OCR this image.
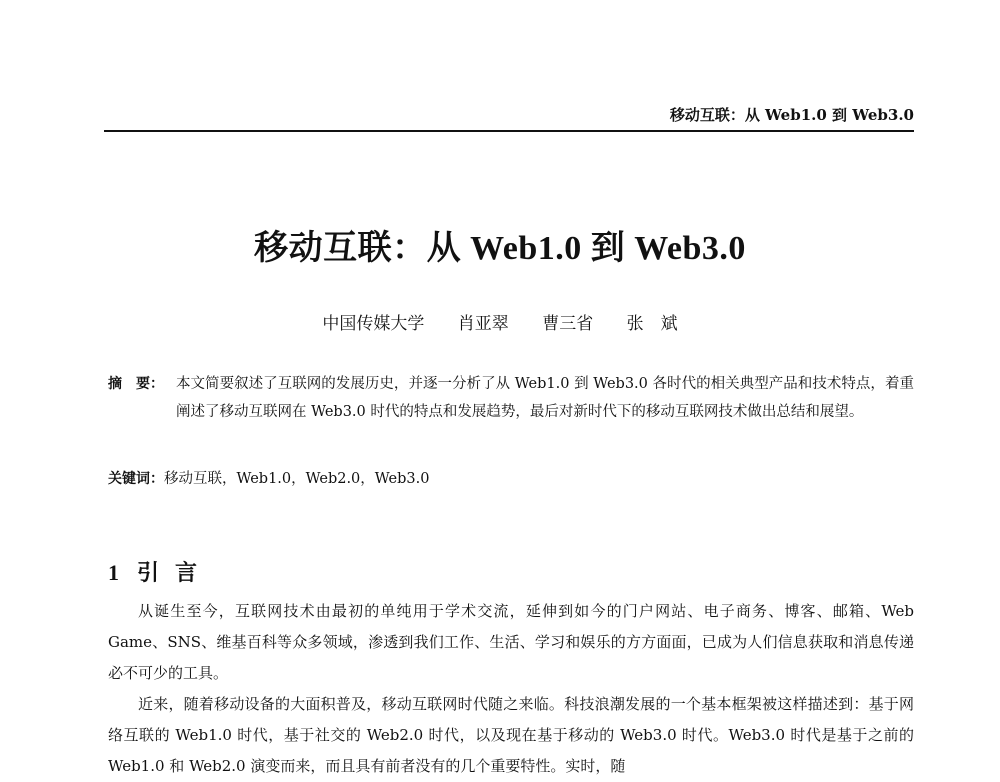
移动互联：从 Web1.0 到 Web3.0
移动互联：从 Web1.0 到 Web3.0
中国传媒大学 肖亚翠 曹三省 张　斌
摘　要： 本文简要叙述了互联网的发展历史，并逐一分析了从 Web1.0 到 Web3.0 各时代的相关典型产品和技术特点，着重阐述了移动互联网在 Web3.0 时代的特点和发展趋势，最后对新时代下的移动互联网技术做出总结和展望。
关键词：移动互联，Web1.0，Web2.0，Web3.0
1 引言

从诞生至今，互联网技术由最初的单纯用于学术交流，延伸到如今的门户网站、电子商务、博客、邮箱、Web Game、SNS、维基百科等众多领域，渗透到我们工作、生活、学习和娱乐的方方面面，已成为人们信息获取和消息传递必不可少的工具。

近来，随着移动设备的大面积普及，移动互联网时代随之来临。科技浪潮发展的一个基本框架被这样描述到：基于网络互联的 Web1.0 时代，基于社交的 Web2.0 时代，以及现在基于移动的 Web3.0 时代。Web3.0 时代是基于之前的 Web1.0 和 Web2.0 演变而来，而且具有前者没有的几个重要特性。实时，随
